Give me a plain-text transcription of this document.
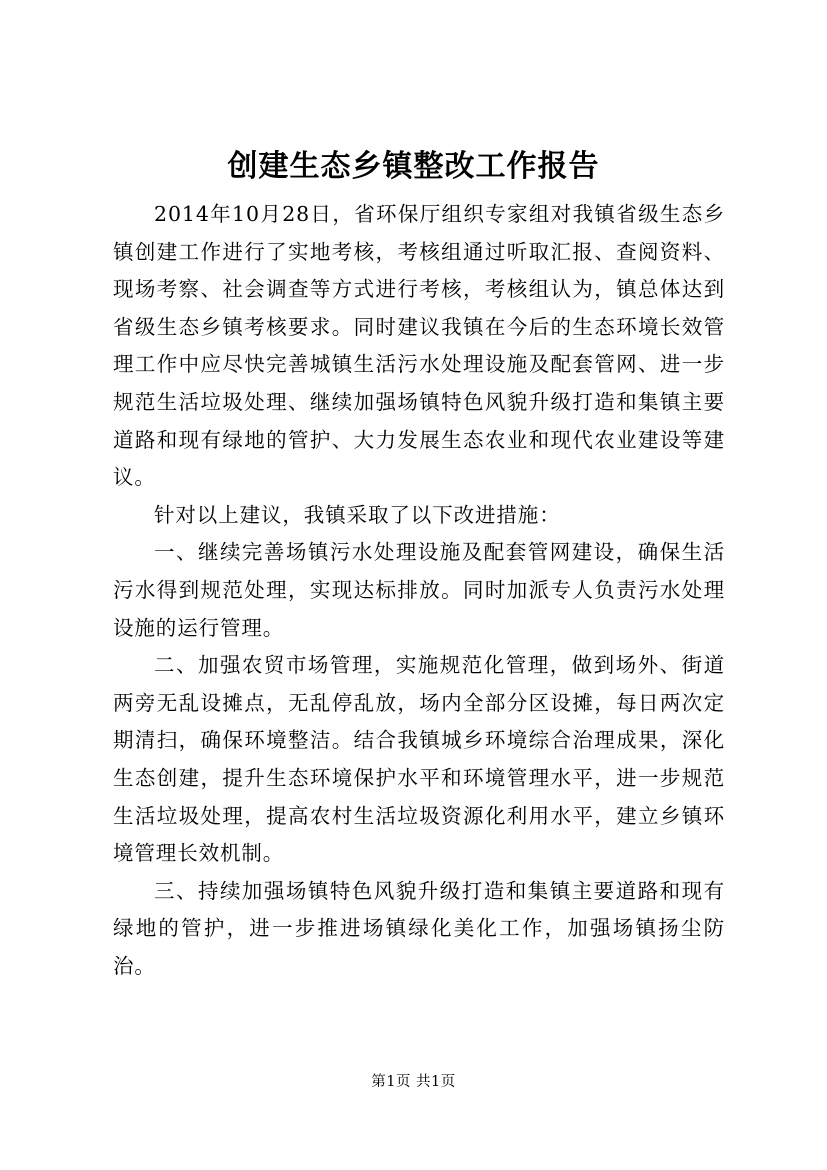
创建生态乡镇整改工作报告

2014年10月28日，省环保厅组织专家组对我镇省级生态乡镇创建工作进行了实地考核，考核组通过听取汇报、查阅资料、现场考察、社会调查等方式进行考核，考核组认为，镇总体达到省级生态乡镇考核要求。同时建议我镇在今后的生态环境长效管理工作中应尽快完善城镇生活污水处理设施及配套管网、进一步规范生活垃圾处理、继续加强场镇特色风貌升级打造和集镇主要道路和现有绿地的管护、大力发展生态农业和现代农业建设等建议。

针对以上建议，我镇采取了以下改进措施：

一、继续完善场镇污水处理设施及配套管网建设，确保生活污水得到规范处理，实现达标排放。同时加派专人负责污水处理设施的运行管理。

二、加强农贸市场管理，实施规范化管理，做到场外、街道两旁无乱设摊点，无乱停乱放，场内全部分区设摊，每日两次定期清扫，确保环境整洁。结合我镇城乡环境综合治理成果，深化生态创建，提升生态环境保护水平和环境管理水平，进一步规范生活垃圾处理，提高农村生活垃圾资源化利用水平，建立乡镇环境管理长效机制。

三、持续加强场镇特色风貌升级打造和集镇主要道路和现有绿地的管护，进一步推进场镇绿化美化工作，加强场镇扬尘防治。

第1页 共1页
